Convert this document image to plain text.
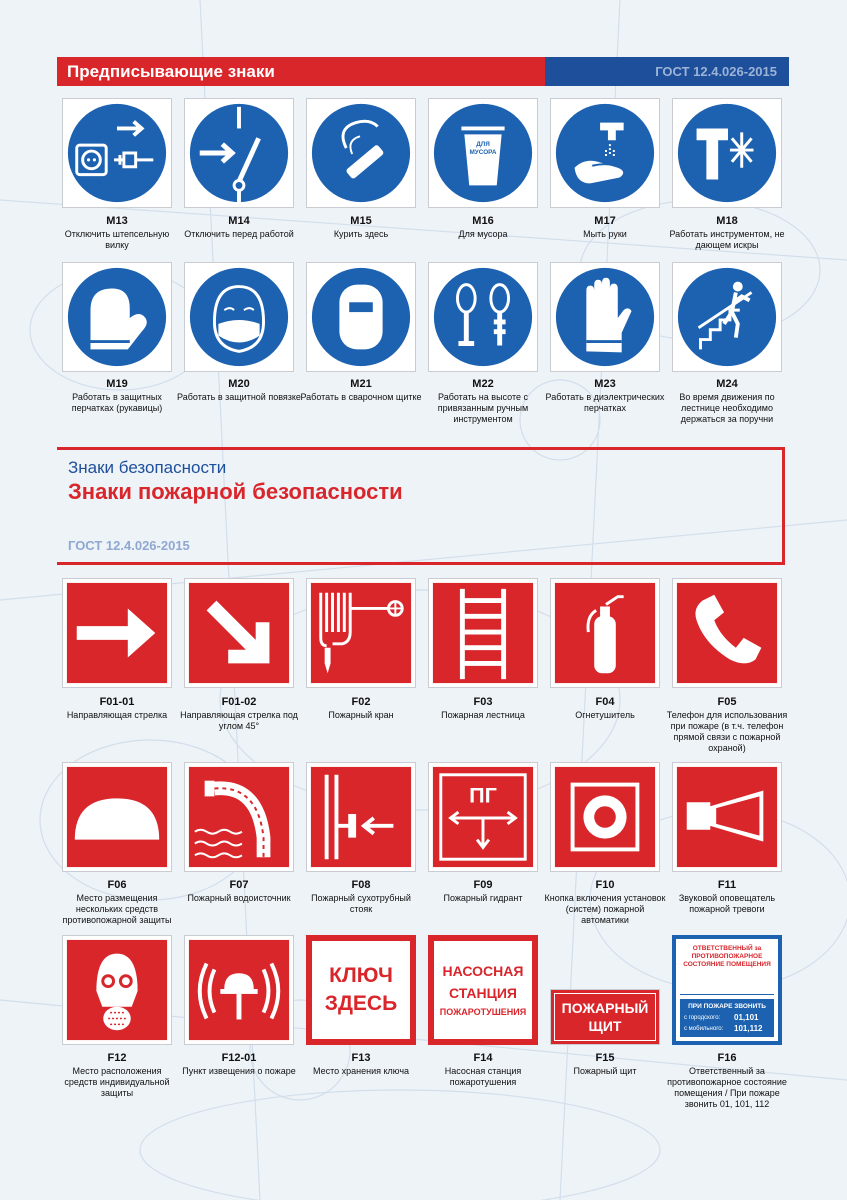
Предписывающие знаки	ГОСТ 12.4.026-2015
M13
Отключить штепсельную вилку
M14
Отключить перед работой
M15
Курить здесь
ДЛЯ
МУСОРА
M16
Для мусора
M17
Мыть руки
M18
Работать инструментом, не дающем искры
M19
Работать в защитных перчатках (рукавицы)
M20
Работать в защитной повязке
M21
Работать в сварочном щитке
M22
Работать на высоте с привязанным ручным инструментом
M23
Работать в диэлектрических перчатках
M24
Во время движения по лестнице необходимо держаться за поручни
Знаки безопасности
Знаки пожарной безопасности
ГОСТ 12.4.026-2015
F01-01
Направляющая стрелка
F01-02
Направляющая стрелка под углом 45°
F02
Пожарный кран
F03
Пожарная лестница
F04
Огнетушитель
F05
Телефон для использования при пожаре (в т.ч. телефон прямой связи с пожарной охраной)
F06
Место размещения нескольких средств противопожарной защиты
F07
Пожарный водоисточник
F08
Пожарный сухотрубный стояк
ПГ
F09
Пожарный гидрант
F10
Кнопка включения установок (систем) пожарной автоматики
F11
Звуковой оповещатель пожарной тревоги
F12
Место расположения средств индивидуальной защиты
F12-01
Пункт извещения о пожаре
КЛЮЧ
ЗДЕСЬ
F13
Место хранения ключа
НАСОСНАЯ
СТАНЦИЯ
ПОЖАРОТУШЕНИЯ
F14
Насосная станция пожаротушения
ПОЖАРНЫЙ
ЩИТ
F15
Пожарный щит
ОТВЕТСТВЕННЫЙ за ПРОТИВОПОЖАРНОЕ
СОСТОЯНИЕ ПОМЕЩЕНИЯ
ПРИ ПОЖАРЕ ЗВОНИТЬ
с городского: 01,101
с мобильного: 101,112
F16
Ответственный за противопожарное состояние помещения / При пожаре звонить 01, 101, 112
